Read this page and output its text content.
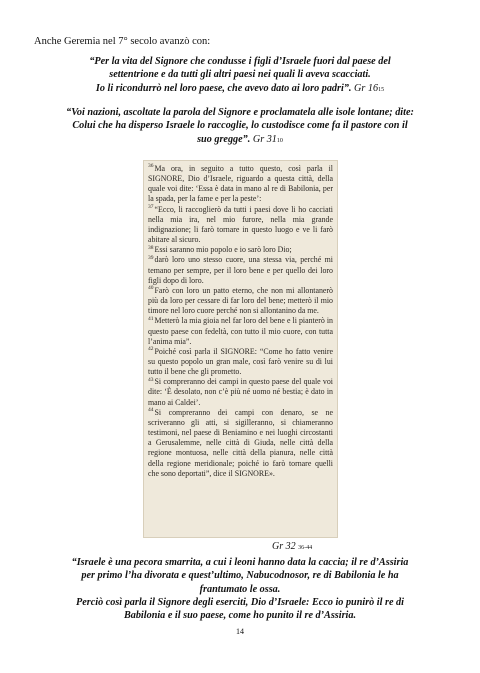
Anche Geremia nel 7° secolo avanzò con:
“Per la vita del Signore che condusse i figli d’Israele fuori dal paese del
settentrione e da tutti gli altri paesi nei quali li aveva scacciati.
Io li ricondurrò nel loro paese, che avevo dato ai loro padri”. Gr 1615
“Voi nazioni, ascoltate la parola del Signore e proclamatela alle isole lontane; dite:
Colui che ha disperso Israele lo raccoglie, lo custodisce come fa il pastore con il
suo gregge”. Gr 3110

$^{36}$Ma ora, in seguito a tutto questo, così parla il SIGNORE, Dio d’Israele, riguardo a questa città, della quale voi dite: ‘Essa è data in mano al re di Babilonia, per la spada, per la fame e per la peste’:

$^{37}$“Ecco, li raccoglierò da tutti i paesi dove li ho cacciati nella mia ira, nel mio furore, nella mia grande indignazione; li farò tornare in questo luogo e ve li farò abitare al sicuro.

$^{38}$Essi saranno mio popolo e io sarò loro Dio;

$^{39}$darò loro uno stesso cuore, una stessa via, perché mi temano per sempre, per il loro bene e per quello dei loro figli dopo di loro.

$^{40}$Farò con loro un patto eterno, che non mi allontanerò più da loro per cessare di far loro del bene; metterò il mio timore nel loro cuore perché non si allontanino da me.

$^{41}$Metterò la mia gioia nel far loro del bene e li pianterò in questo paese con fedeltà, con tutto il mio cuore, con tutta l’anima mia”.

$^{42}$Poiché così parla il SIGNORE: “Come ho fatto venire su questo popolo un gran male, così farò venire su di lui tutto il bene che gli prometto.

$^{43}$Si compreranno dei campi in questo paese del quale voi dite: ‘È desolato, non c’è più né uomo né bestia; è dato in mano ai Caldei’.

$^{44}$Si compreranno dei campi con denaro, se ne scriveranno gli atti, si sigilleranno, si chiameranno testimoni, nel paese di Beniamino e nei luoghi circostanti a Gerusalemme, nelle città di Giuda, nelle città della regione montuosa, nelle città della pianura, nelle città della regione meridionale; poiché io farò tornare quelli che sono deportati”, dice il SIGNORE».

Gr 32 36-44
“Israele è una pecora smarrita, a cui i leoni hanno data la caccia; il re d’Assiria
per primo l’ha divorata e quest’ultimo, Nabucodnosor, re di Babilonia le ha
frantumato le ossa.
Perciò così parla il Signore degli eserciti, Dio d’Israele: Ecco io punirò il re di
Babilonia e il suo paese, come ho punito il re d’Assiria.
14
